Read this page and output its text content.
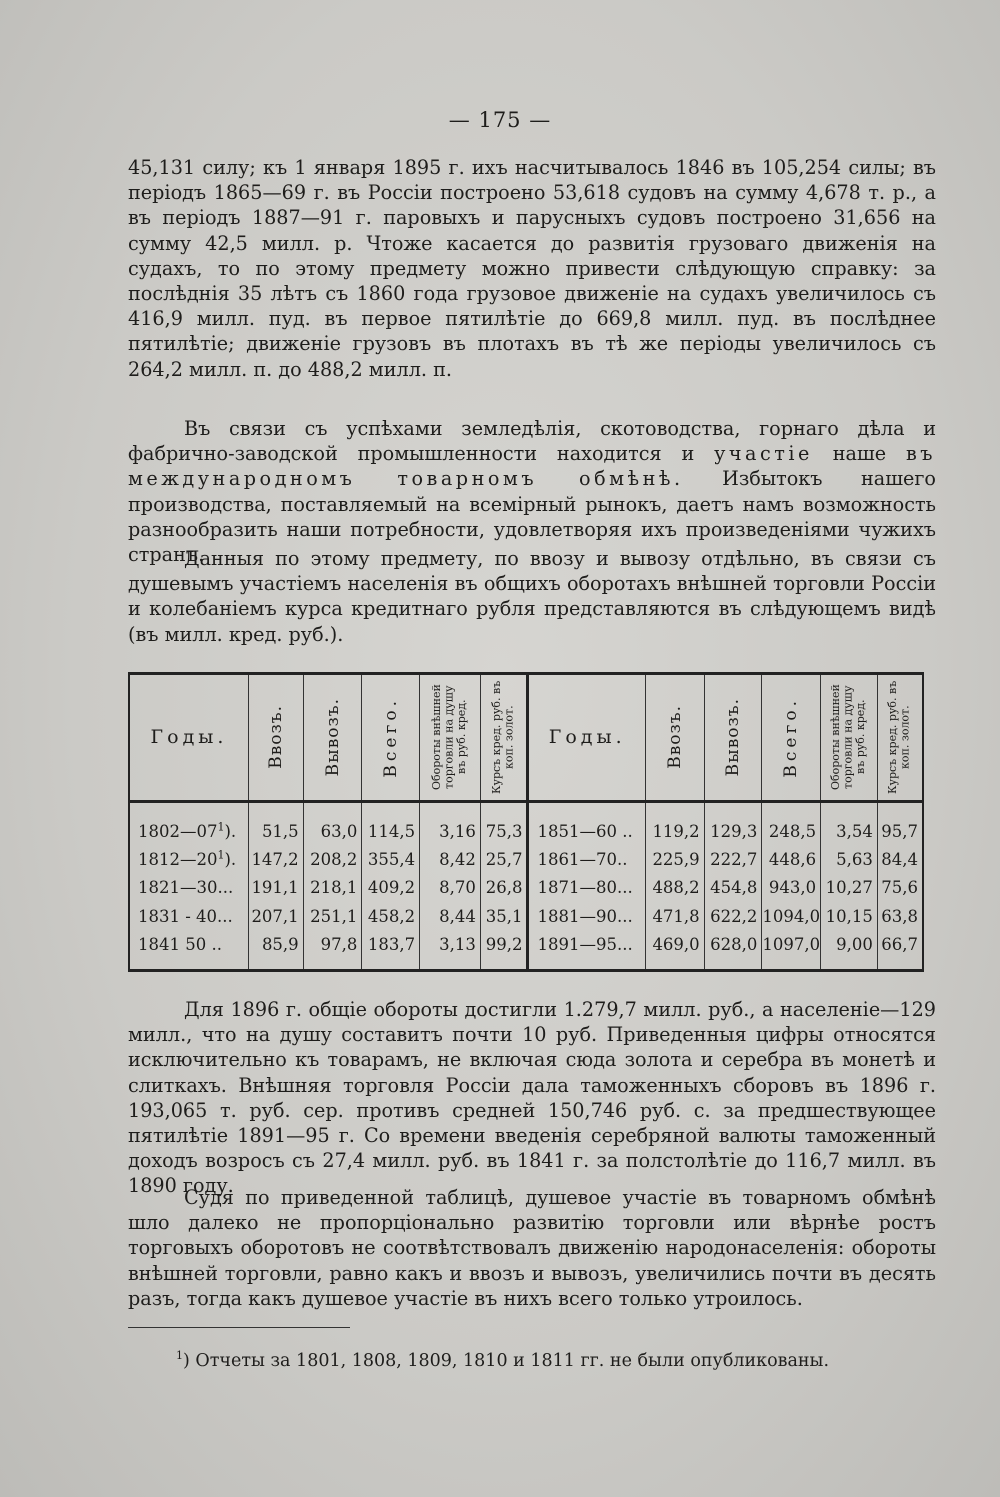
— 175 —

45,131 силу; къ 1 января 1895 г. ихъ насчитывалось 1846 въ 105,254 силы; въ періодъ 1865—69 г. въ Россіи построено 53,618 судовъ на сумму 4,678 т. р., а въ періодъ 1887—91 г. паровыхъ и парусныхъ судовъ построено 31,656 на сумму 42,5 милл. р. Чтоже касается до развитія грузоваго движенія на судахъ, то по этому предмету можно привести слѣдующую справку: за послѣднія 35 лѣтъ съ 1860 года грузовое движеніе на судахъ увеличилось съ 416,9 милл. пуд. въ первое пятилѣтіе до 669,8 милл. пуд. въ послѣднее пятилѣтіе; движеніе грузовъ въ плотахъ въ тѣ же періоды увеличилось съ 264,2 милл. п. до 488,2 милл. п.

Въ связи съ успѣхами земледѣлія, скотоводства, горнаго дѣла и фабрично-заводской промышленности находится и участіе наше въ международномъ товарномъ обмѣнѣ. Избытокъ нашего производства, поставляемый на всемірный рынокъ, даетъ намъ возможность разнообразить наши потребности, удовлетворяя ихъ произведеніями чужихъ странъ.

Данныя по этому предмету, по ввозу и вывозу отдѣльно, въ связи съ душевымъ участіемъ населенія въ общихъ оборотахъ внѣшней торговли Россіи и колебаніемъ курса кредитнаго рубля представляются въ слѣдующемъ видѣ (въ милл. кред. руб.).

Годы.	Ввозъ.	Вывозъ.	Всего.	Обороты внѣшней торговли на душу въ руб. кред.	Курсъ кред. руб. въ коп. золот.	Годы.	Ввозъ.	Вывозъ.	Всего.	Обороты внѣшней торговли на душу въ руб. кред.	Курсъ кред. руб. въ коп. золот.

$1802—07^1$).	51,5	63,0	114,5	3,16	75,3	1851—60 ..	119,2	129,3	248,5	3,54	95,7
$1812—20^1$).	147,2	208,2	355,4	8,42	25,7	1861—70..	225,9	222,7	448,6	5,63	84,4
1821—30...	191,1	218,1	409,2	8,70	26,8	1871—80...	488,2	454,8	943,0	10,27	75,6
1831 - 40...	207,1	251,1	458,2	8,44	35,1	1881—90...	471,8	622,2	1094,0	10,15	63,8
1841 50 ..	85,9	97,8	183,7	3,13	99,2	1891—95...	469,0	628,0	1097,0	9,00	66,7

Для 1896 г. общіе обороты достигли 1.279,7 милл. руб., а населеніе—129 милл., что на душу составитъ почти 10 руб. Приведенныя цифры относятся исключительно къ товарамъ, не включая сюда золота и серебра въ монетѣ и слиткахъ. Внѣшняя торговля Россіи дала таможенныхъ сборовъ въ 1896 г. 193,065 т. руб. сер. противъ средней 150,746 руб. с. за предшествующее пятилѣтіе 1891—95 г. Со времени введенія серебряной валюты таможенный доходъ возросъ съ 27,4 милл. руб. въ 1841 г. за полстолѣтіе до 116,7 милл. въ 1890 году.

Судя по приведенной таблицѣ, душевое участіе въ товарномъ обмѣнѣ шло далеко не пропорціонально развитію торговли или вѣрнѣе ростъ торговыхъ оборотовъ не соотвѣтствовалъ движенію народонаселенія: обороты внѣшней торговли, равно какъ и ввозъ и вывозъ, увеличились почти въ десять разъ, тогда какъ душевое участіе въ нихъ всего только утроилось.

$^1$) Отчеты за 1801, 1808, 1809, 1810 и 1811 гг. не были опубликованы.
